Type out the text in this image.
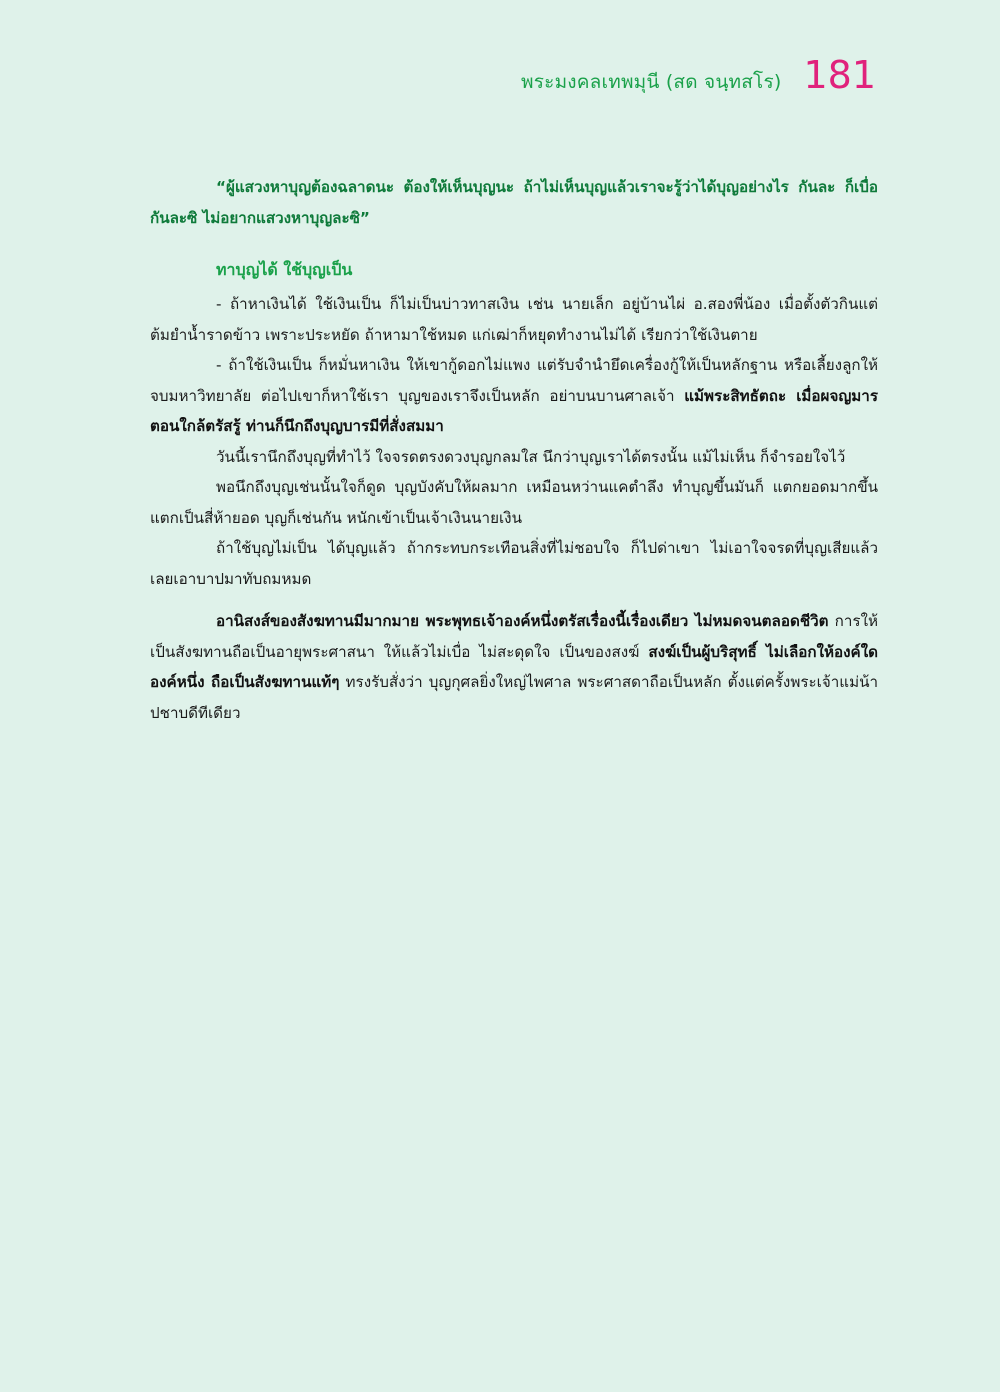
พระมงคลเทพมุนี (สด จนฺทสโร) 181

“ผู้แสวงหาบุญต้องฉลาดนะ ต้องให้เห็นบุญนะ ถ้าไม่เห็นบุญแล้วเราจะรู้ว่าได้บุญอย่างไร กันละ ก็เบื่อกันละซิ ไม่อยากแสวงหาบุญละซิ”

ทาบุญได้ ใช้บุญเป็น

- ถ้าหาเงินได้ ใช้เงินเป็น ก็ไม่เป็นบ่าวทาสเงิน เช่น นายเล็ก อยู่บ้านไผ่ อ.สองพี่น้อง เมื่อตั้งตัวกินแต่ต้มยำน้ำราดข้าว เพราะประหยัด ถ้าหามาใช้หมด แก่เฒ่าก็หยุดทำงานไม่ได้ เรียกว่าใช้เงินตาย

- ถ้าใช้เงินเป็น ก็หมั่นหาเงิน ให้เขากู้ดอกไม่แพง แต่รับจำนำยึดเครื่องกู้ให้เป็นหลักฐาน หรือเลี้ยงลูกให้จบมหาวิทยาลัย ต่อไปเขาก็หาใช้เรา บุญของเราจึงเป็นหลัก อย่าบนบานศาลเจ้า แม้พระสิทธัตถะ เมื่อผจญมารตอนใกล้ตรัสรู้ ท่านก็นึกถึงบุญบารมีที่สั่งสมมา

วันนี้เรานึกถึงบุญที่ทำไว้ ใจจรดตรงดวงบุญกลมใส นึกว่าบุญเราได้ตรงนั้น แม้ไม่เห็น ก็จำรอยใจไว้

พอนึกถึงบุญเช่นนั้นใจก็ดูด บุญบังคับให้ผลมาก เหมือนหว่านแคตำลึง ทำบุญขึ้นมันก็ แตกยอดมากขึ้น แตกเป็นสี่ห้ายอด บุญก็เช่นกัน หนักเข้าเป็นเจ้าเงินนายเงิน

ถ้าใช้บุญไม่เป็น ได้บุญแล้ว ถ้ากระทบกระเทือนสิ่งที่ไม่ชอบใจ ก็ไปด่าเขา ไม่เอาใจจรดที่บุญเสียแล้ว เลยเอาบาปมาทับถมหมด

อานิสงส์ของสังฆทานมีมากมาย พระพุทธเจ้าองค์หนึ่งตรัสเรื่องนี้เรื่องเดียว ไม่หมดจนตลอดชีวิต การให้เป็นสังฆทานถือเป็นอายุพระศาสนา ให้แล้วไม่เบื่อ ไม่สะดุดใจ เป็นของสงฆ์ สงฆ์เป็นผู้บริสุทธิ์ ไม่เลือกให้องค์ใดองค์หนึ่ง ถือเป็นสังฆทานแท้ๆ ทรงรับสั่งว่า บุญกุศลยิ่งใหญ่ไพศาล พระศาสดาถือเป็นหลัก ตั้งแต่ครั้งพระเจ้าแม่น้าปชาบดีทีเดียว
